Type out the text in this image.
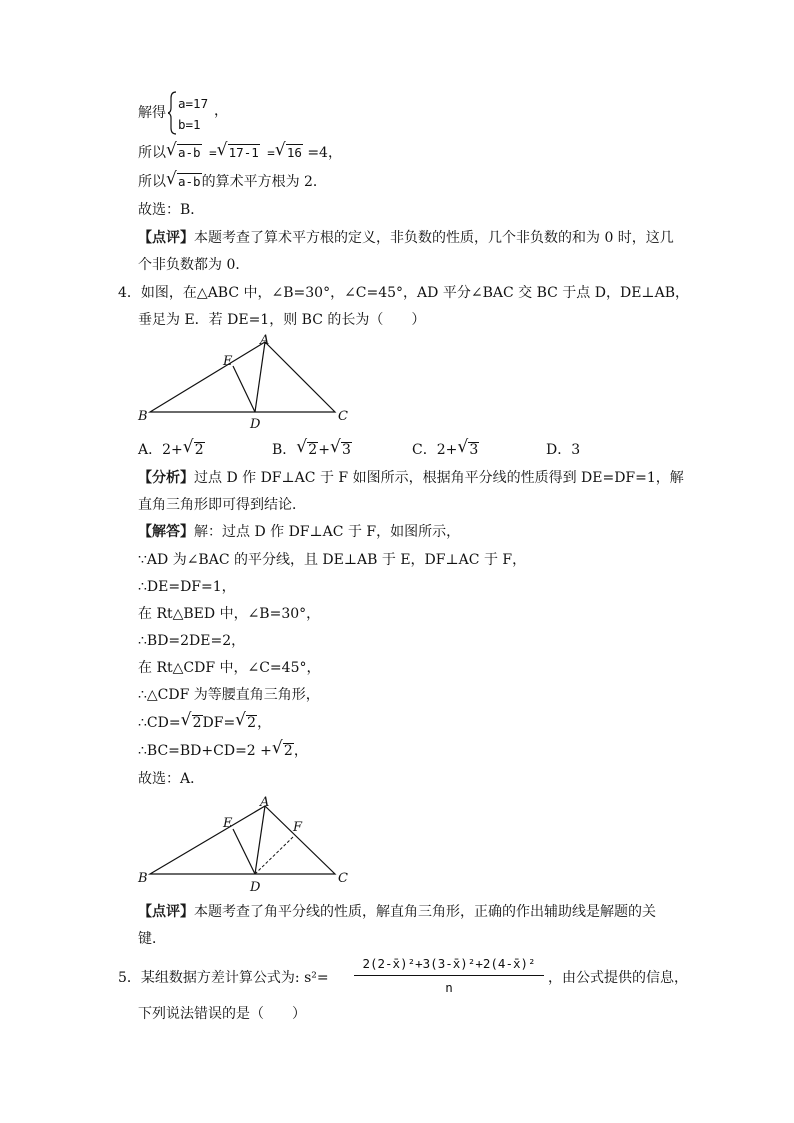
解得
a=17
b=1
，
所以 √ a-b = √ 17-1 = √ 16 =4，
所以 √ a-b的算术平方根为 2．
故选：B．
【点评】本题考查了算术平方根的定义，非负数的性质，几个非负数的和为 0 时，这几
个非负数都为 0．
4．如图，在△ABC 中，∠B=30°，∠C=45°，AD 平分∠BAC 交 BC 于点 D，DE⊥AB，
垂足为 E．若 DE=1，则 BC 的长为（　　）
A
E
B
D
C
A．2+ √ 2	B． √ 2+ √ 3	C．2+ √ 3	D．3
【分析】过点 D 作 DF⊥AC 于 F 如图所示，根据角平分线的性质得到 DE=DF=1，解
直角三角形即可得到结论．
【解答】解：过点 D 作 DF⊥AC 于 F，如图所示，
∵AD 为∠BAC 的平分线，且 DE⊥AB 于 E，DF⊥AC 于 F，
∴DE=DF=1，
在 Rt△BED 中，∠B=30°，
∴BD=2DE=2，
在 Rt△CDF 中，∠C=45°，
∴△CDF 为等腰直角三角形，
∴CD= √ 2DF= √ 2，
∴BC=BD+CD=2 + √ 2，
故选：A．
A
E	F
B
D
C
【点评】本题考查了角平分线的性质，解直角三角形，正确的作出辅助线是解题的关
键．
5．某组数据方差计算公式为: s²=
2(2-x̄)²+3(3-x̄)²+2(4-x̄)²
n
，由公式提供的信息，
下列说法错误的是（　　）
